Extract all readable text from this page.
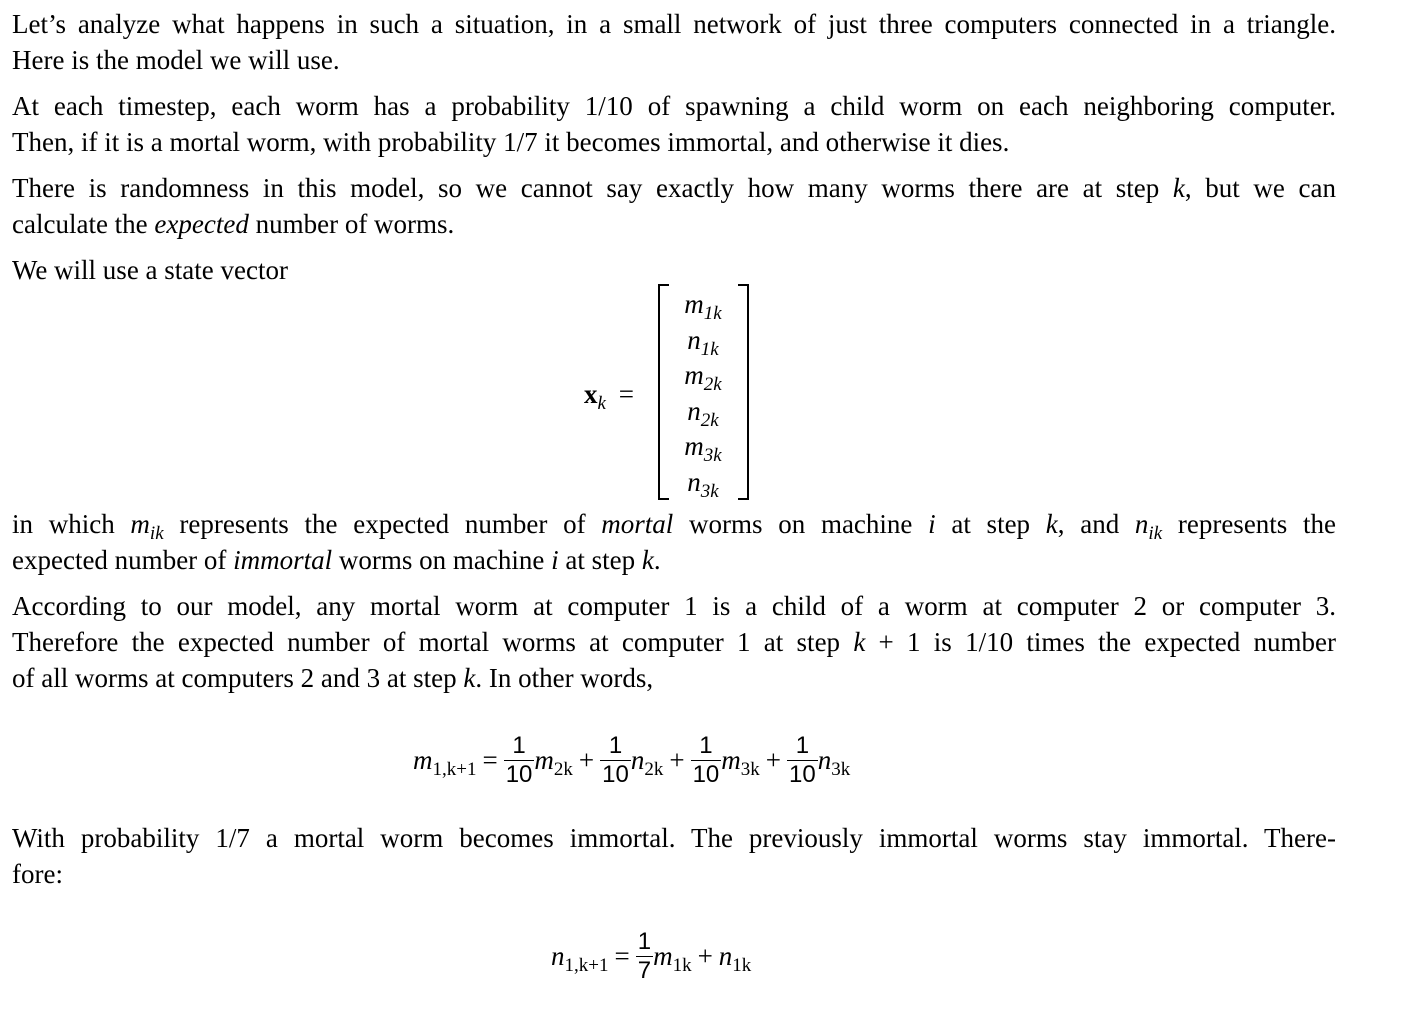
Let’s analyze what happens in such a situation, in a small network of just three computers connected in a triangle.
Here is the model we will use.

At each timestep, each worm has a probability 1/10 of spawning a child worm on each neighboring computer.
Then, if it is a mortal worm, with probability 1/7 it becomes immortal, and otherwise it dies.

There is randomness in this model, so we cannot say exactly how many worms there are at step k, but we can
calculate the expected number of worms.

We will use a state vector

$x_k$ =
$m_{1k}$
$n_{1k}$
$m_{2k}$
$n_{2k}$
$m_{3k}$
$n_{3k}$

in which $m_{ik}$ represents the expected number of mortal worms on machine i at step k, and $n_{ik}$ represents the
expected number of immortal worms on machine i at step k.

According to our model, any mortal worm at computer 1 is a child of a worm at computer 2 or computer 3.
Therefore the expected number of mortal worms at computer 1 at step k + 1 is 1/10 times the expected number
of all worms at computers 2 and 3 at step k. In other words,

$m_{1,k+1} = \frac{1}{10} m_{2k} + \frac{1}{10} n_{2k} + \frac{1}{10} m_{3k} + \frac{1}{10} n_{3k}$

With probability 1/7 a mortal worm becomes immortal. The previously immortal worms stay immortal. There-
fore:

$n_{1,k+1} = \frac{1}{7} m_{1k} + n_{1k}$
